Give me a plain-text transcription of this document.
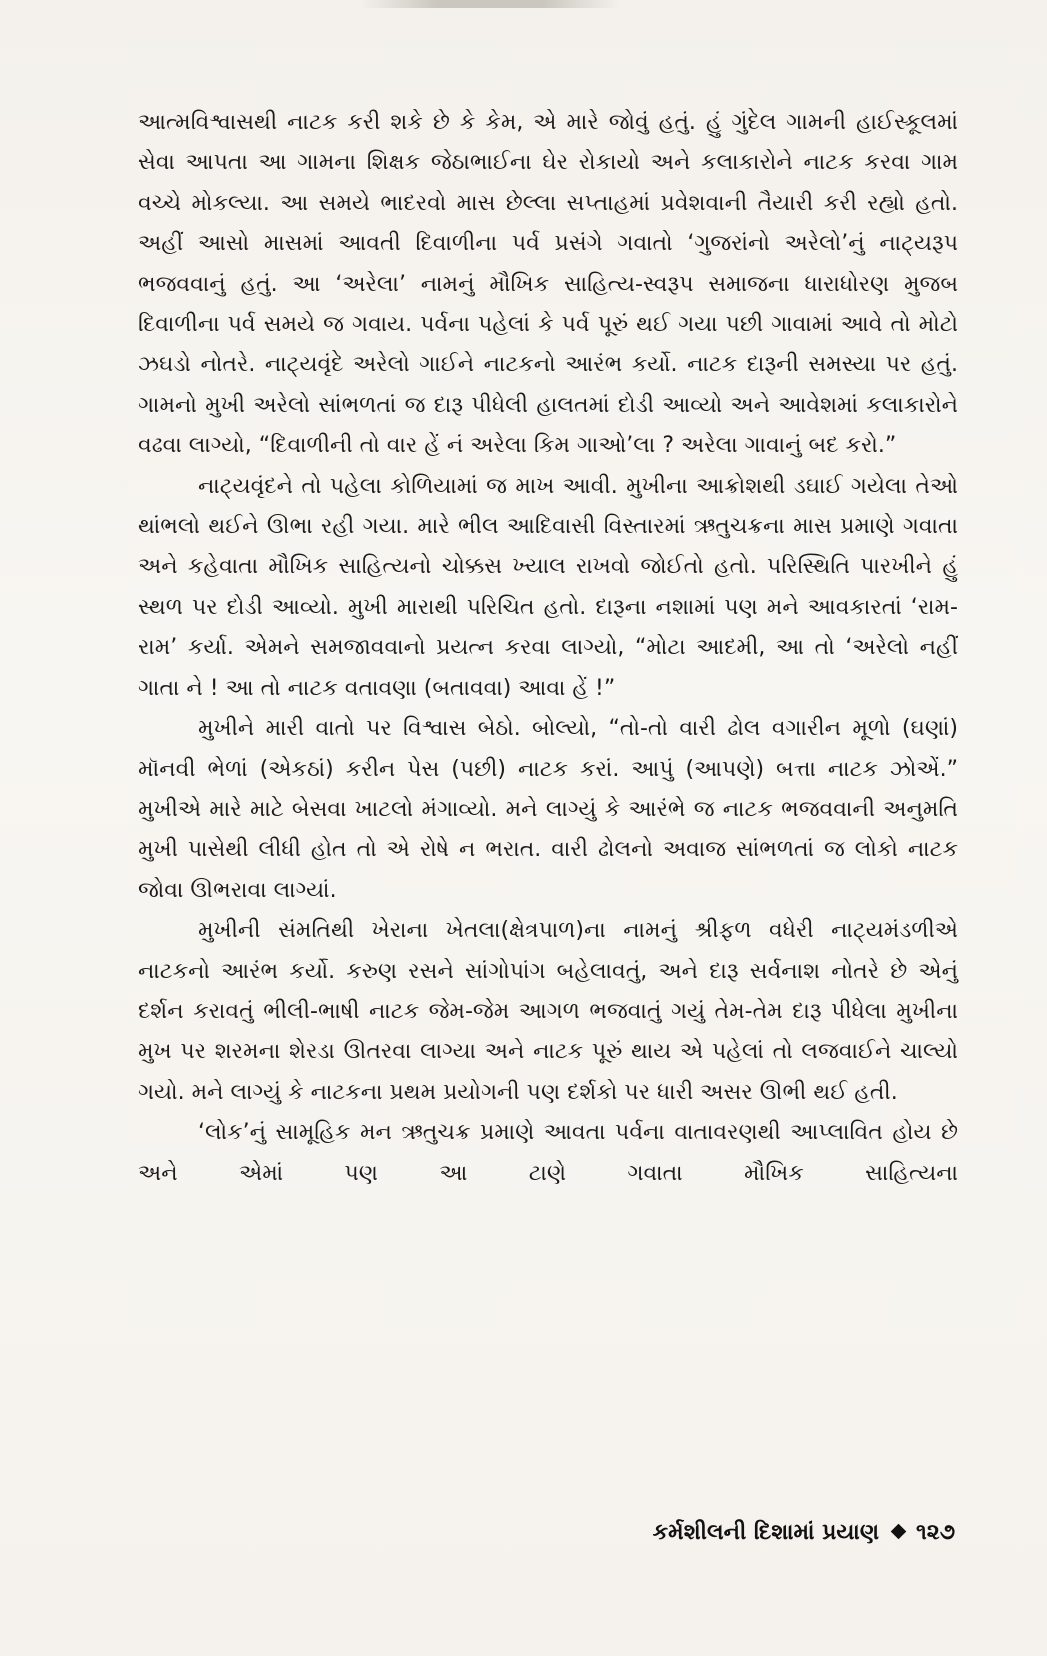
આત્મવિશ્વાસથી નાટક કરી શકે છે કે કેમ, એ મારે જોવું હતું. હું ગુંદેલ ગામની હાઈસ્કૂલમાં સેવા આપતા આ ગામના શિક્ષક જેઠાભાઈના ઘેર રોકાયો અને કલાકારોને નાટક કરવા ગામ વચ્ચે મોકલ્યા. આ સમયે ભાદરવો માસ છેલ્લા સપ્તાહમાં પ્રવેશવાની તૈયારી કરી રહ્યો હતો. અહીં આસો માસમાં આવતી દિવાળીના પર્વ પ્રસંગે ગવાતો ‘ગુજરાંનો અરેલો’નું નાટ્યરૂપ ભજવવાનું હતું. આ ‘અરેલા’ નામનું મૌખિક સાહિત્ય-સ્વરૂપ સમાજના ધારાધોરણ મુજબ દિવાળીના પર્વ સમયે જ ગવાય. પર્વના પહેલાં કે પર્વ પૂરું થઈ ગયા પછી ગાવામાં આવે તો મોટો ઝઘડો નોતરે. નાટ્યવૃંદે અરેલો ગાઈને નાટકનો આરંભ કર્યો. નાટક દારૂની સમસ્યા પર હતું. ગામનો મુખી અરેલો સાંભળતાં જ દારૂ પીધેલી હાલતમાં દોડી આવ્યો અને આવેશમાં કલાકારોને વઢવા લાગ્યો, “દિવાળીની તો વાર હેં નં અરેલા કિમ ગાઓ’લા ? અરેલા ગાવાનું બદ કરો.”

નાટ્યવૃંદને તો પહેલા કોળિયામાં જ માખ આવી. મુખીના આક્રોશથી ડઘાઈ ગયેલા તેઓ થાંભલો થઈને ઊભા રહી ગયા. મારે ભીલ આદિવાસી વિસ્તારમાં ઋતુચક્રના માસ પ્રમાણે ગવાતા અને કહેવાતા મૌખિક સાહિત્યનો ચોક્કસ ખ્યાલ રાખવો જોઈતો હતો. પરિસ્થિતિ પારખીને હું સ્થળ પર દોડી આવ્યો. મુખી મારાથી પરિચિત હતો. દારૂના નશામાં પણ મને આવકારતાં ‘રામ-રામ’ કર્યા. એમને સમજાવવાનો પ્રયત્ન કરવા લાગ્યો, “મોટા આદમી, આ તો ‘અરેલો નહીં ગાતા ને ! આ તો નાટક વતાવણા (બતાવવા) આવા હેં !”

મુખીને મારી વાતો પર વિશ્વાસ બેઠો. બોલ્યો, “તો-તો વારી ઢોલ વગારીન મૂળો (ઘણાં) મૉનવી ભેળાં (એકઠાં) કરીન પેસ (પછી) નાટક કરાં. આપું (આપણે) બત્તા નાટક ઝોએં.” મુખીએ મારે માટે બેસવા ખાટલો મંગાવ્યો. મને લાગ્યું કે આરંભે જ નાટક ભજવવાની અનુમતિ મુખી પાસેથી લીધી હોત તો એ રોષે ન ભરાત. વારી ઢોલનો અવાજ સાંભળતાં જ લોકો નાટક જોવા ઊભરાવા લાગ્યાં.

મુખીની સંમતિથી ખેરાના ખેતલા(ક્ષેત્રપાળ)ના નામનું શ્રીફળ વધેરી નાટ્યમંડળીએ નાટકનો આરંભ કર્યો. કરુણ રસને સાંગોપાંગ બહેલાવતું, અને દારૂ સર્વનાશ નોતરે છે એનું દર્શન કરાવતું ભીલી-ભાષી નાટક જેમ-જેમ આગળ ભજવાતું ગયું તેમ-તેમ દારૂ પીધેલા મુખીના મુખ પર શરમના શેરડા ઊતરવા લાગ્યા અને નાટક પૂરું થાય એ પહેલાં તો લજવાઈને ચાલ્યો ગયો. મને લાગ્યું કે નાટકના પ્રથમ પ્રયોગની પણ દર્શકો પર ધારી અસર ઊભી થઈ હતી.

‘લોક’નું સામૂહિક મન ઋતુચક્ર પ્રમાણે આવતા પર્વના વાતાવરણથી આપ્લાવિત હોય છે અને એમાં પણ આ ટાણે ગવાતા મૌખિક સાહિત્યના

કર્મશીલની દિશામાં પ્રયાણ ૧૨૭
